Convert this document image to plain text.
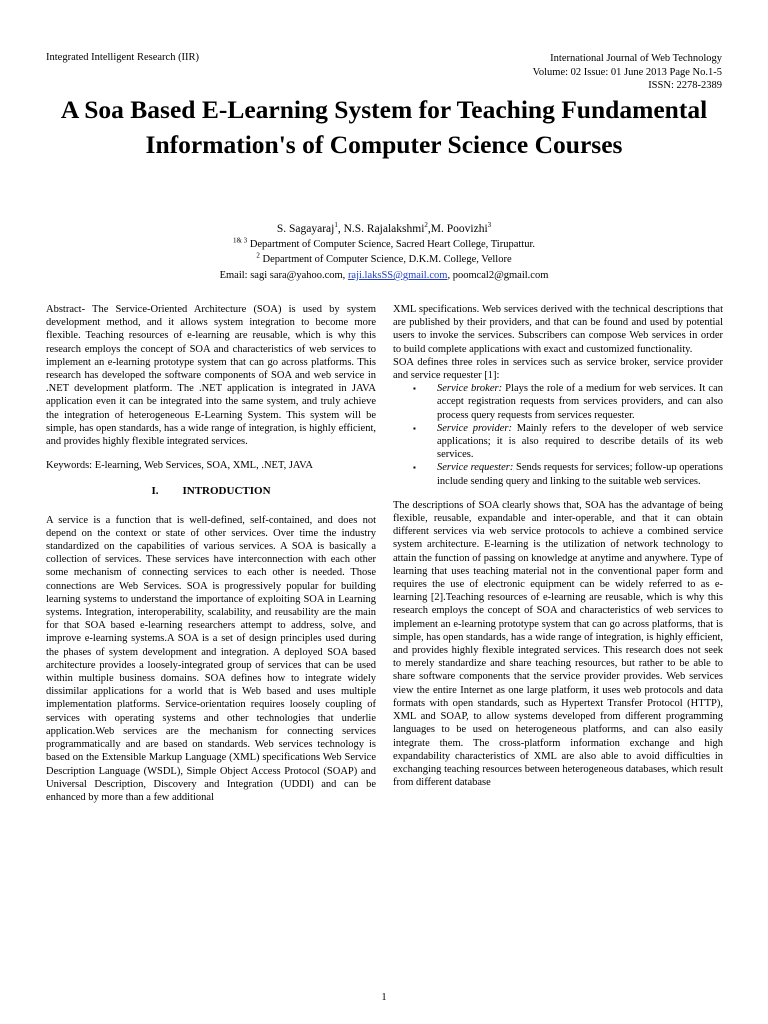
Integrated Intelligent Research (IIR)	International Journal of Web Technology
Volume: 02 Issue: 01 June 2013 Page No.1-5
ISSN: 2278-2389
A Soa Based E-Learning System for Teaching Fundamental Information's of Computer Science Courses
S. Sagayaraj$^1$, N.S. Rajalakshmi$^2$,M. Poovizhi$^3$
$^{1\& 3}$ Department of Computer Science, Sacred Heart College, Tirupattur.
$^2$ Department of Computer Science, D.K.M. College, Vellore
Email: sagi sara@yahoo.com, raji.laksSS@gmail.com, poomcal2@gmail.com

Abstract- The Service-Oriented Architecture (SOA) is used by system development method, and it allows system integration to become more flexible. Teaching resources of e-learning are reusable, which is why this research employs the concept of SOA and characteristics of web services to implement an e-learning prototype system that can go across platforms. This research has developed the software components of SOA and web service in .NET development platform. The .NET application is integrated in JAVA application even it can be integrated into the same system, and truly achieve the integration of heterogeneous E-Learning System. This system will be simple, has open standards, has a wide range of integration, is highly efficient, and provides highly flexible integrated services.

Keywords: E-learning, Web Services, SOA, XML, .NET, JAVA

I. INTRODUCTION

A service is a function that is well-defined, self-contained, and does not depend on the context or state of other services. Over time the industry standardized on the capabilities of various services. A SOA is basically a collection of services. These services have interconnection with each other some mechanism of connecting services to each other is needed. Those connections are Web Services. SOA is progressively popular for building learning systems to understand the importance of exploiting SOA in Learning systems. Integration, interoperability, scalability, and reusability are the main for that SOA based e-learning researchers attempt to address, solve, and improve e-learning systems.A SOA is a set of design principles used during the phases of system development and integration. A deployed SOA based architecture provides a loosely-integrated group of services that can be used within multiple business domains. SOA defines how to integrate widely dissimilar applications for a world that is Web based and uses multiple implementation platforms. Service-orientation requires loosely coupling of services with operating systems and other technologies that underlie application.Web services are the mechanism for connecting services programmatically and are based on standards. Web services technology is based on the Extensible Markup Language (XML) specifications Web Service Description Language (WSDL), Simple Object Access Protocol (SOAP) and Universal Description, Discovery and Integration (UDDI) and can be enhanced by more than a few additional

XML specifications. Web services derived with the technical descriptions that are published by their providers, and that can be found and used by potential users to invoke the services. Subscribers can compose Web services in order to build complete applications with exact and customized functionality.

SOA defines three roles in services such as service broker, service provider and service requester [1]:

▪ Service broker: Plays the role of a medium for web services. It can accept registration requests from services providers, and can also process query requests from services requester.
▪ Service provider: Mainly refers to the developer of web service applications; it is also required to describe details of its web services.
▪ Service requester: Sends requests for services; follow-up operations include sending query and linking to the suitable web services.

The descriptions of SOA clearly shows that, SOA has the advantage of being flexible, reusable, expandable and inter-operable, and that it can obtain different services via web service protocols to achieve a combined service system architecture. E-learning is the utilization of network technology to attain the function of passing on knowledge at anytime and anywhere. Type of learning that uses teaching material not in the conventional paper form and requires the use of electronic equipment can be widely referred to as e-learning [2].Teaching resources of e-learning are reusable, which is why this research employs the concept of SOA and characteristics of web services to implement an e-learning prototype system that can go across platforms, that is simple, has open standards, has a wide range of integration, is highly efficient, and provides highly flexible integrated services. This research does not seek to merely standardize and share teaching resources, but rather to be able to share software components that the service provider provides. Web services view the entire Internet as one large platform, it uses web protocols and data formats with open standards, such as Hypertext Transfer Protocol (HTTP), XML and SOAP, to allow systems developed from different programming languages to be used on heterogeneous platforms, and can also easily integrate them. The cross-platform information exchange and high expandability characteristics of XML are also able to avoid difficulties in exchanging teaching resources between heterogeneous databases, which result from different database

1
